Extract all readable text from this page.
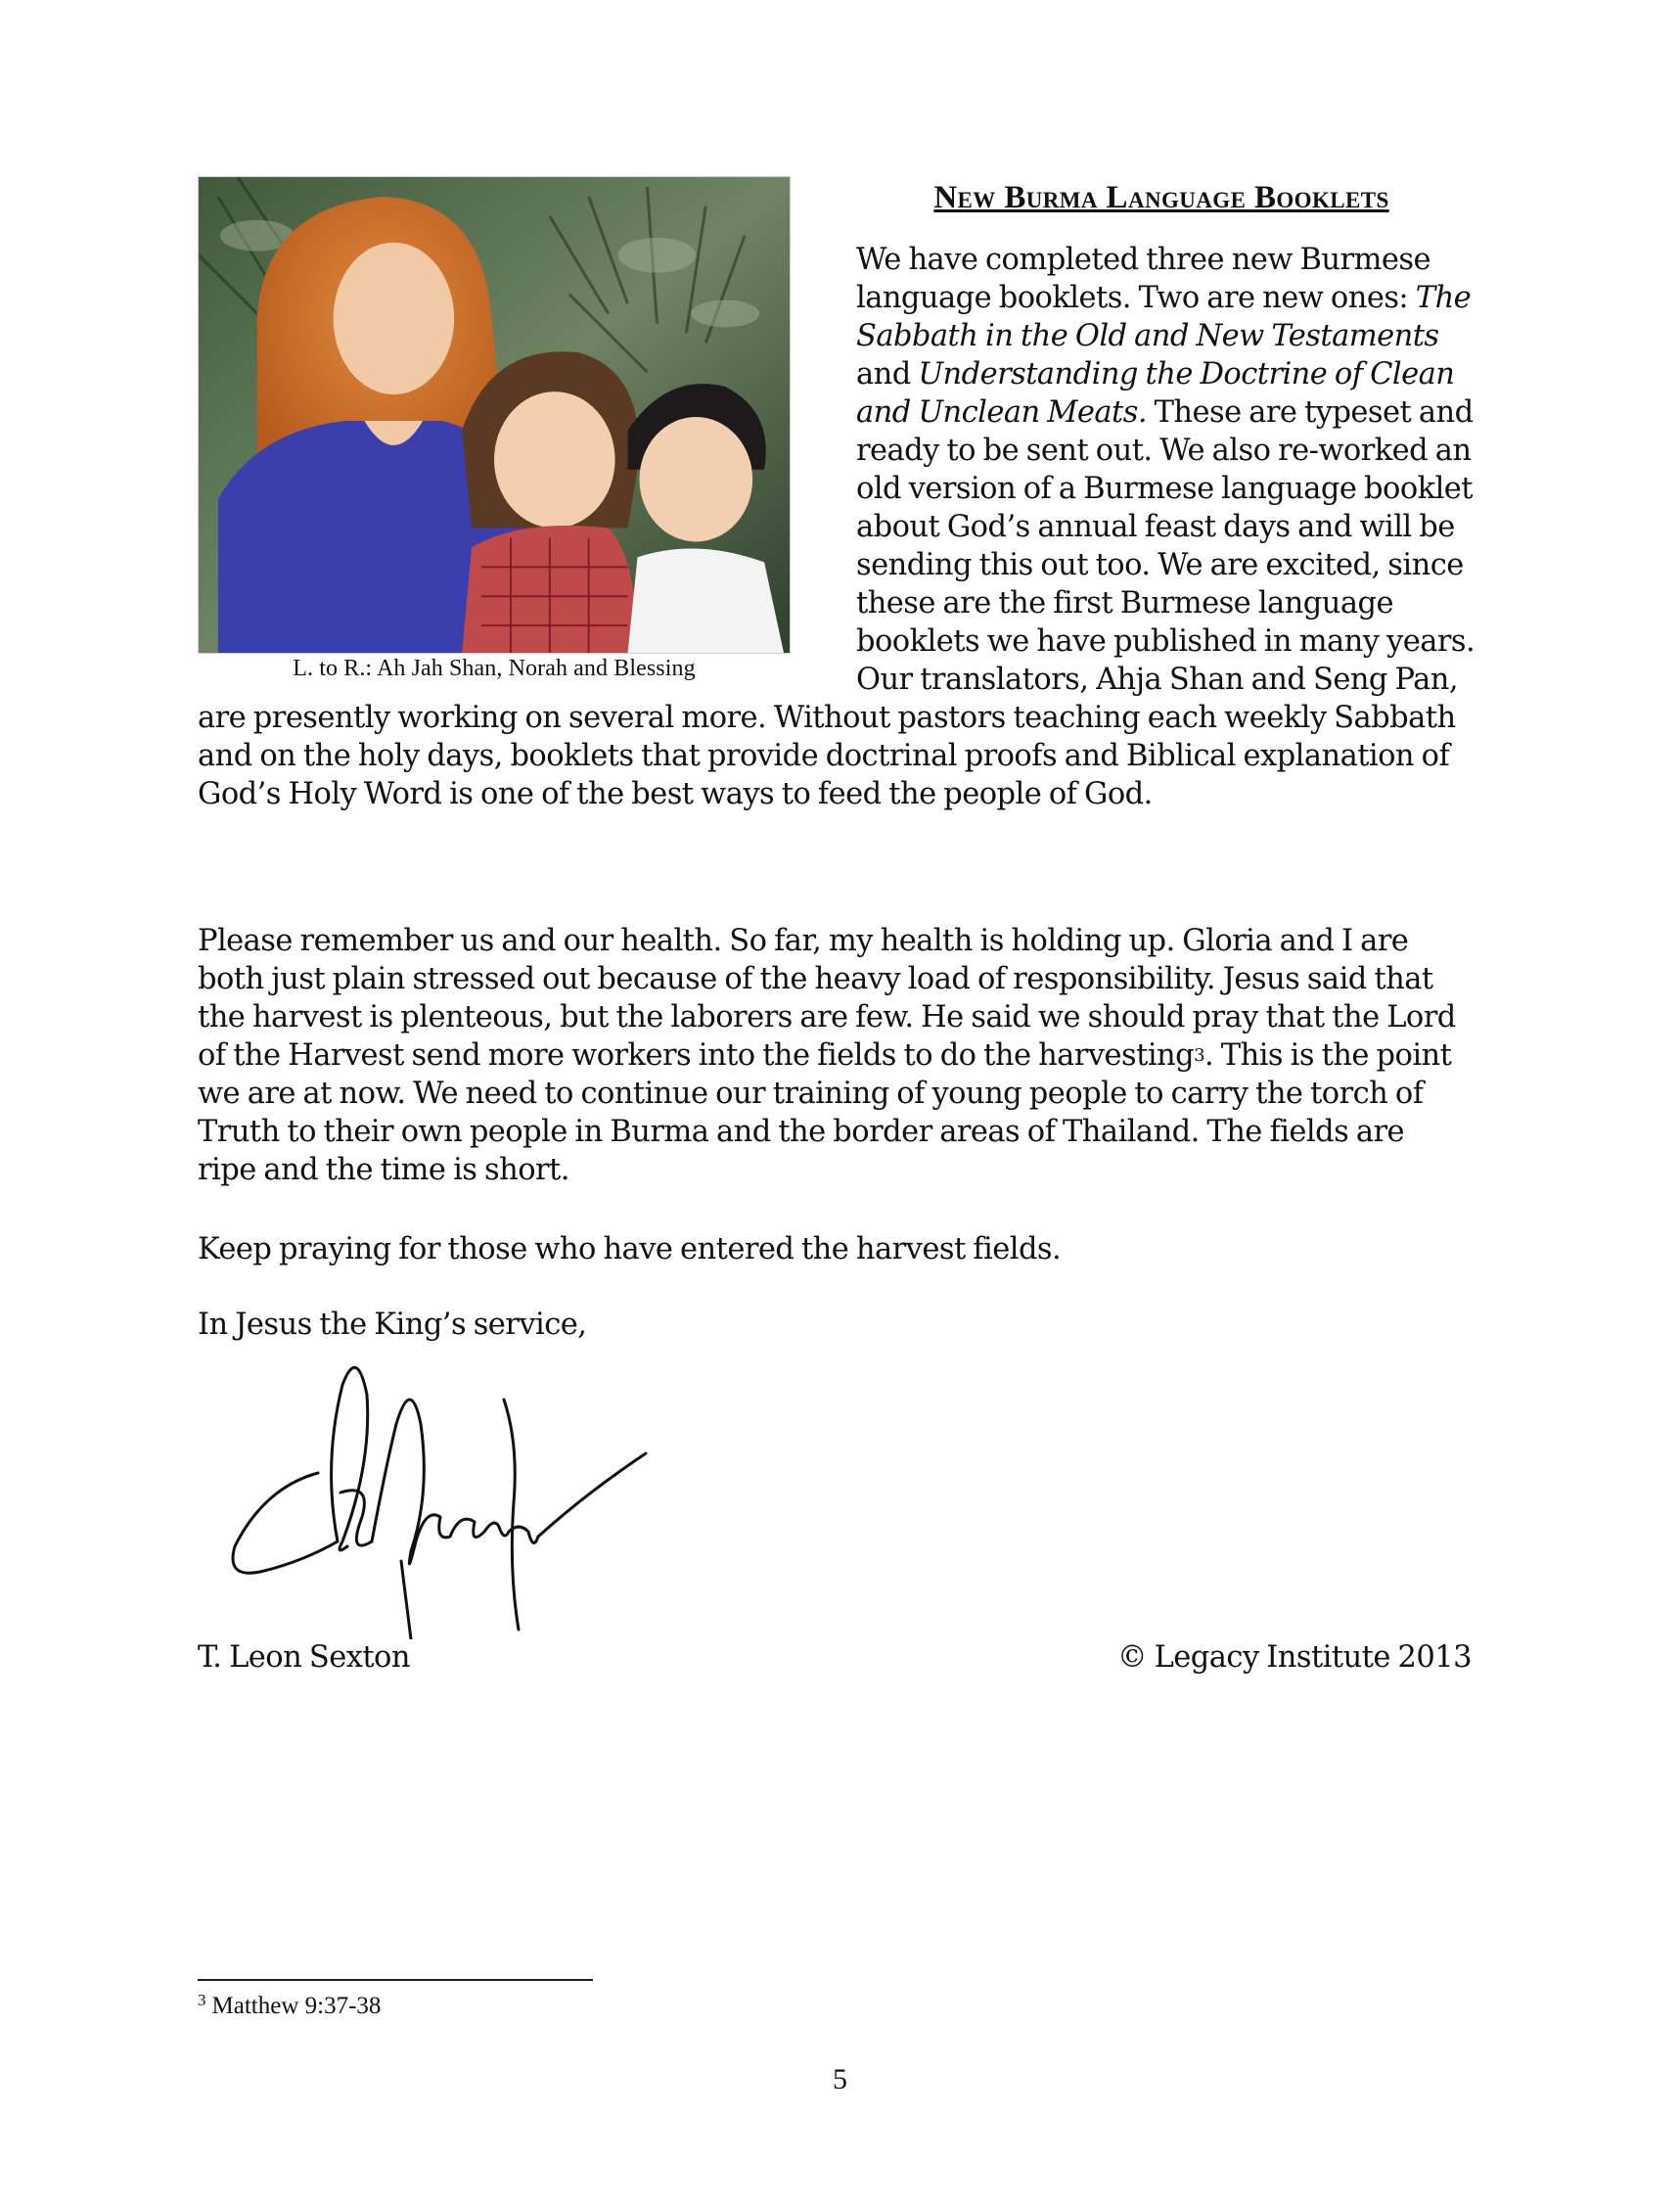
L. to R.: Ah Jah Shan, Norah and Blessing
New Burma Language Booklets
We have completed three new Burmese
language booklets. Two are new ones: The
Sabbath in the Old and New Testaments
and Understanding the Doctrine of Clean
and Unclean Meats. These are typeset and
ready to be sent out. We also re-worked an
old version of a Burmese language booklet
about God’s annual feast days and will be
sending this out too. We are excited, since
these are the first Burmese language
booklets we have published in many years.
Our translators, Ahja Shan and Seng Pan,
are presently working on several more. Without pastors teaching each weekly Sabbath
and on the holy days, booklets that provide doctrinal proofs and Biblical explanation of
God’s Holy Word is one of the best ways to feed the people of God.
Please remember us and our health. So far, my health is holding up. Gloria and I are
both just plain stressed out because of the heavy load of responsibility. Jesus said that
the harvest is plenteous, but the laborers are few. He said we should pray that the Lord
of the Harvest send more workers into the fields to do the harvesting3. This is the point
we are at now. We need to continue our training of young people to carry the torch of
Truth to their own people in Burma and the border areas of Thailand. The fields are
ripe and the time is short.
Keep praying for those who have entered the harvest fields.
In Jesus the King’s service,
T. Leon Sexton	© Legacy Institute 2013
$^3$ Matthew 9:37-38
5
